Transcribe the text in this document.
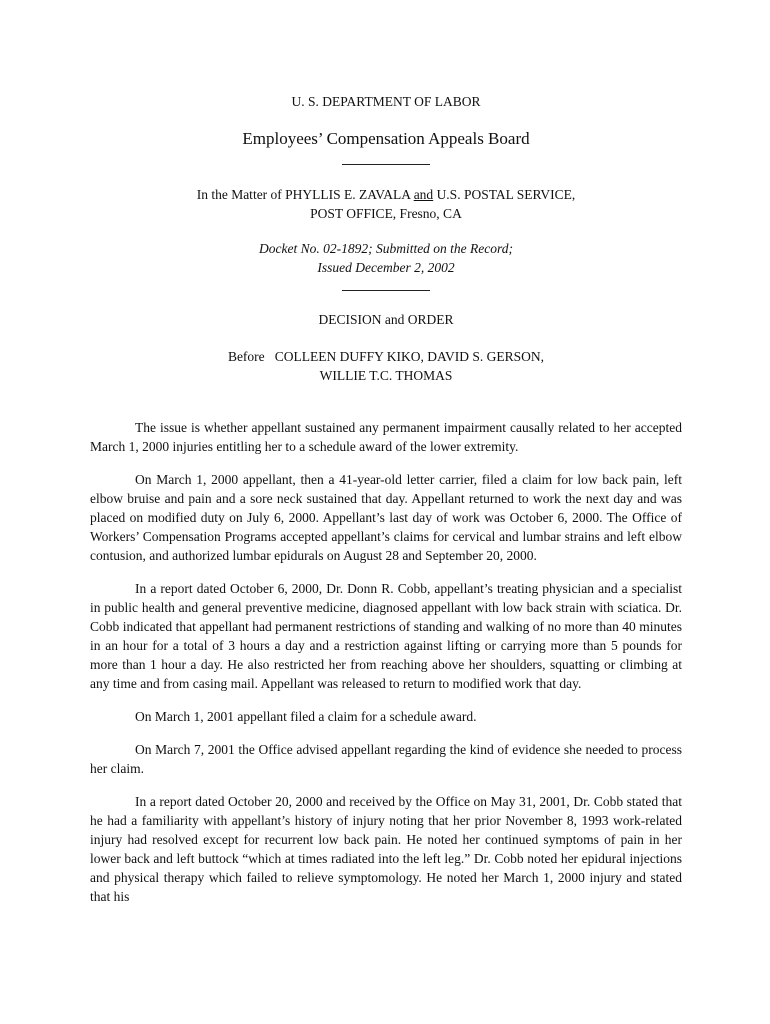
U. S. DEPARTMENT OF LABOR
Employees’ Compensation Appeals Board
In the Matter of PHYLLIS E. ZAVALA and U.S. POSTAL SERVICE,
POST OFFICE, Fresno, CA
Docket No. 02-1892; Submitted on the Record;
Issued December 2, 2002
DECISION and ORDER
Before   COLLEEN DUFFY KIKO, DAVID S. GERSON,
WILLIE T.C. THOMAS

The issue is whether appellant sustained any permanent impairment causally related to her accepted March 1, 2000 injuries entitling her to a schedule award of the lower extremity.

On March 1, 2000 appellant, then a 41-year-old letter carrier, filed a claim for low back pain, left elbow bruise and pain and a sore neck sustained that day. Appellant returned to work the next day and was placed on modified duty on July 6, 2000. Appellant’s last day of work was October 6, 2000. The Office of Workers’ Compensation Programs accepted appellant’s claims for cervical and lumbar strains and left elbow contusion, and authorized lumbar epidurals on August 28 and September 20, 2000.

In a report dated October 6, 2000, Dr. Donn R. Cobb, appellant’s treating physician and a specialist in public health and general preventive medicine, diagnosed appellant with low back strain with sciatica. Dr. Cobb indicated that appellant had permanent restrictions of standing and walking of no more than 40 minutes in an hour for a total of 3 hours a day and a restriction against lifting or carrying more than 5 pounds for more than 1 hour a day. He also restricted her from reaching above her shoulders, squatting or climbing at any time and from casing mail. Appellant was released to return to modified work that day.

On March 1, 2001 appellant filed a claim for a schedule award.

On March 7, 2001 the Office advised appellant regarding the kind of evidence she needed to process her claim.

In a report dated October 20, 2000 and received by the Office on May 31, 2001, Dr. Cobb stated that he had a familiarity with appellant’s history of injury noting that her prior November 8, 1993 work-related injury had resolved except for recurrent low back pain. He noted her continued symptoms of pain in her lower back and left buttock “which at times radiated into the left leg.” Dr. Cobb noted her epidural injections and physical therapy which failed to relieve symptomology. He noted her March 1, 2000 injury and stated that his
